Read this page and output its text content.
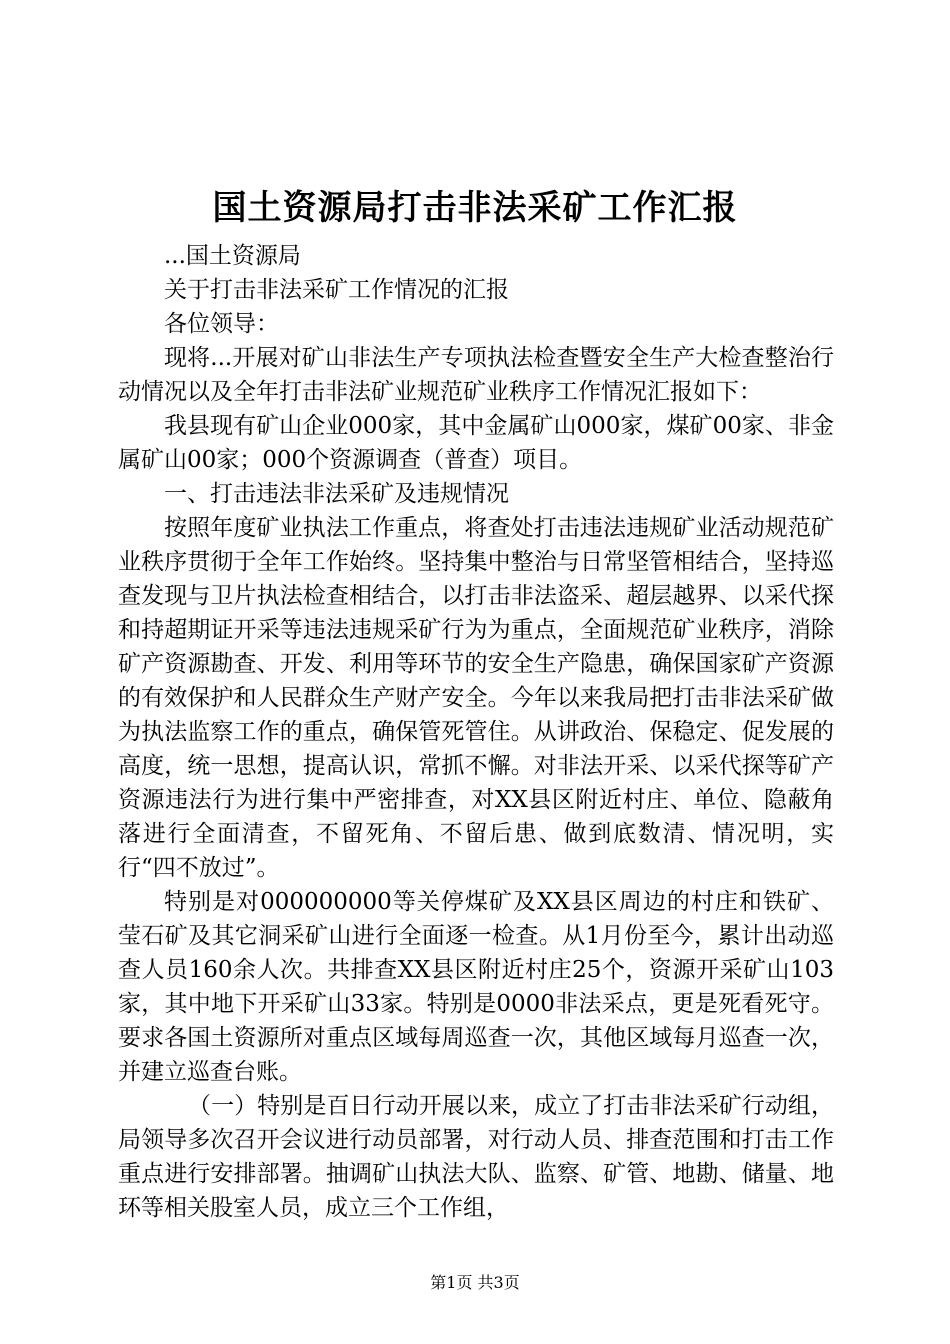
国土资源局打击非法采矿工作汇报

...国土资源局

关于打击非法采矿工作情况的汇报

各位领导：

现将...开展对矿山非法生产专项执法检查暨安全生产大检查整治行动情况以及全年打击非法矿业规范矿业秩序工作情况汇报如下：

我县现有矿山企业000家，其中金属矿山000家，煤矿00家、非金属矿山00家；000个资源调查（普查）项目。

一、打击违法非法采矿及违规情况

按照年度矿业执法工作重点，将查处打击违法违规矿业活动规范矿业秩序贯彻于全年工作始终。坚持集中整治与日常坚管相结合，坚持巡查发现与卫片执法检查相结合，以打击非法盗采、超层越界、以采代探和持超期证开采等违法违规采矿行为为重点，全面规范矿业秩序，消除矿产资源勘查、开发、利用等环节的安全生产隐患，确保国家矿产资源的有效保护和人民群众生产财产安全。今年以来我局把打击非法采矿做为执法监察工作的重点，确保管死管住。从讲政治、保稳定、促发展的高度，统一思想，提高认识，常抓不懈。对非法开采、以采代探等矿产资源违法行为进行集中严密排查，对XX县区附近村庄、单位、隐蔽角落进行全面清查，不留死角、不留后患、做到底数清、情况明，实行“四不放过”。

特别是对000000000等关停煤矿及XX县区周边的村庄和铁矿、莹石矿及其它洞采矿山进行全面逐一检查。从1月份至今，累计出动巡查人员160余人次。共排查XX县区附近村庄25个，资源开采矿山103家，其中地下开采矿山33家。特别是0000非法采点，更是死看死守。要求各国土资源所对重点区域每周巡查一次，其他区域每月巡查一次，并建立巡查台账。

（一）特别是百日行动开展以来，成立了打击非法采矿行动组，局领导多次召开会议进行动员部署，对行动人员、排查范围和打击工作重点进行安排部署。抽调矿山执法大队、监察、矿管、地勘、储量、地环等相关股室人员，成立三个工作组，

第1页 共3页
